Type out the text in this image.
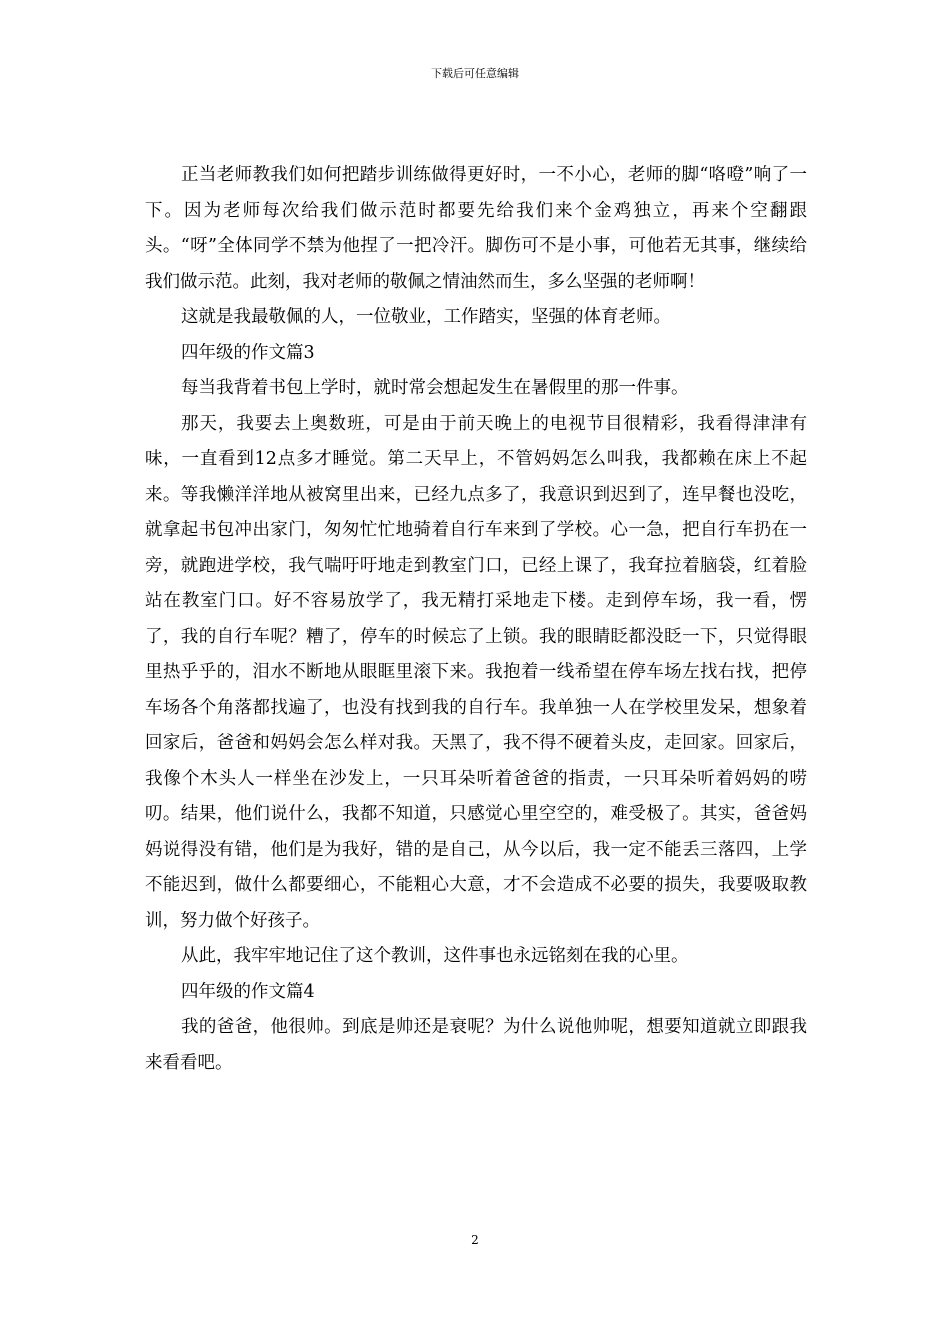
下载后可任意编辑

正当老师教我们如何把踏步训练做得更好时，一不小心，老师的脚“咯噔”响了一下。因为老师每次给我们做示范时都要先给我们来个金鸡独立，再来个空翻跟头。“呀”全体同学不禁为他捏了一把冷汗。脚伤可不是小事，可他若无其事，继续给我们做示范。此刻，我对老师的敬佩之情油然而生，多么坚强的老师啊！

这就是我最敬佩的人，一位敬业，工作踏实，坚强的体育老师。

四年级的作文篇3

每当我背着书包上学时，就时常会想起发生在暑假里的那一件事。

那天，我要去上奥数班，可是由于前天晚上的电视节目很精彩，我看得津津有味，一直看到12点多才睡觉。第二天早上，不管妈妈怎么叫我，我都赖在床上不起来。等我懒洋洋地从被窝里出来，已经九点多了，我意识到迟到了，连早餐也没吃，就拿起书包冲出家门，匆匆忙忙地骑着自行车来到了学校。心一急，把自行车扔在一旁，就跑进学校，我气喘吁吁地走到教室门口，已经上课了，我耷拉着脑袋，红着脸站在教室门口。好不容易放学了，我无精打采地走下楼。走到停车场，我一看，愣了，我的自行车呢？糟了，停车的时候忘了上锁。我的眼睛眨都没眨一下，只觉得眼里热乎乎的，泪水不断地从眼眶里滚下来。我抱着一线希望在停车场左找右找，把停车场各个角落都找遍了，也没有找到我的自行车。我单独一人在学校里发呆，想象着回家后，爸爸和妈妈会怎么样对我。天黑了，我不得不硬着头皮，走回家。回家后，我像个木头人一样坐在沙发上，一只耳朵听着爸爸的指责，一只耳朵听着妈妈的唠叨。结果，他们说什么，我都不知道，只感觉心里空空的，难受极了。其实，爸爸妈妈说得没有错，他们是为我好，错的是自己，从今以后，我一定不能丢三落四，上学不能迟到，做什么都要细心，不能粗心大意，才不会造成不必要的损失，我要吸取教训，努力做个好孩子。

从此，我牢牢地记住了这个教训，这件事也永远铭刻在我的心里。

四年级的作文篇4

我的爸爸，他很帅。到底是帅还是衰呢？为什么说他帅呢，想要知道就立即跟我来看看吧。

2
